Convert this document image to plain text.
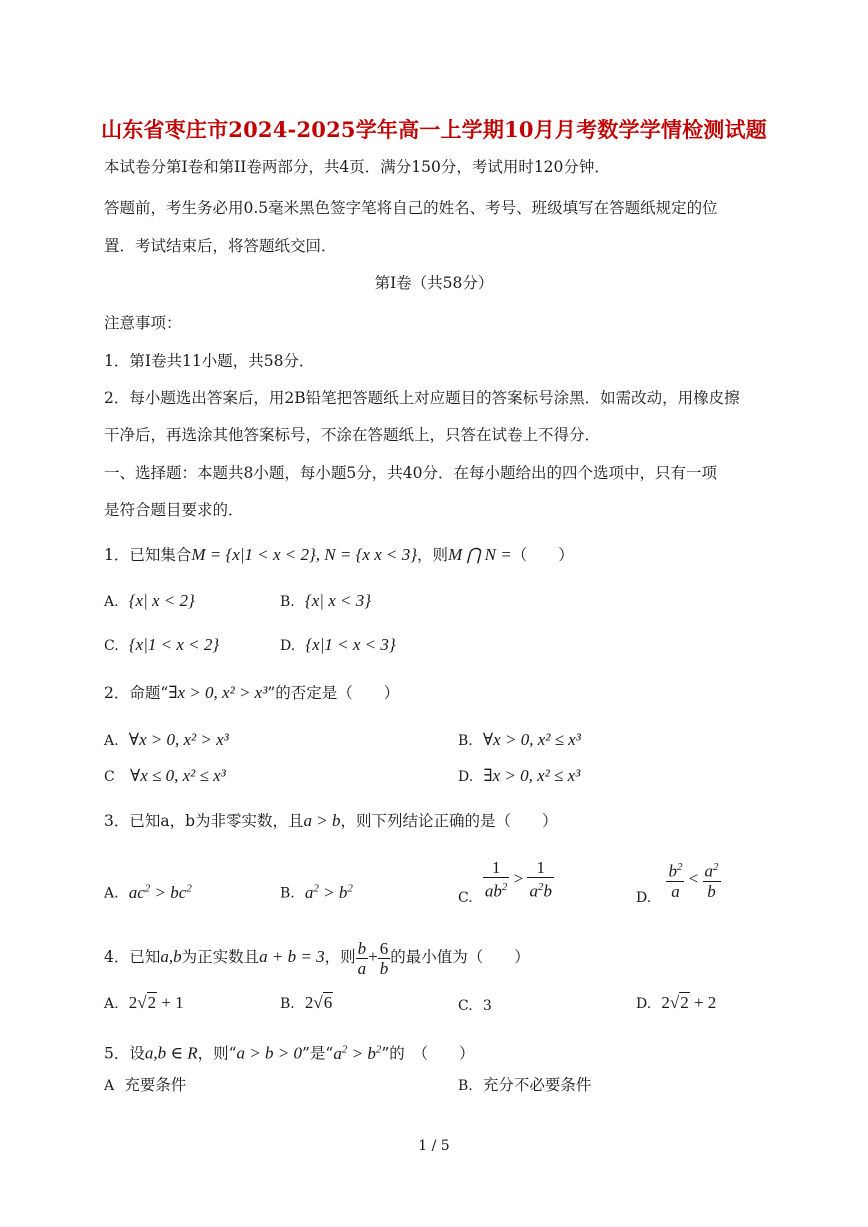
山东省枣庄市2024-2025学年高一上学期10月月考数学学情检测试题
本试卷分第Ⅰ卷和第II卷两部分，共4页．满分150分，考试用时120分钟．
答题前，考生务必用0.5毫米黑色签字笔将自己的姓名、考号、班级填写在答题纸规定的位
置．考试结束后，将答题纸交回．
第Ⅰ卷（共58分）
注意事项：
1．第Ⅰ卷共11小题，共58分．
2．每小题选出答案后，用2B铅笔把答题纸上对应题目的答案标号涂黑．如需改动，用橡皮擦
干净后，再选涂其他答案标号，不涂在答题纸上，只答在试卷上不得分．
一、选择题：本题共8小题，每小题5分，共40分．在每小题给出的四个选项中，只有一项
是符合题目要求的．
1．已知集合M = {x|1 < x < 2}, N = {x x < 3}，则M ⋂ N =（　　）
A. {x| x < 2}	B. {x| x < 3}
C. {x|1 < x < 2}	D. {x|1 < x < 3}
2．命题“∃x > 0, x² > x³”的否定是（　　）
A. ∀x > 0, x² > x³	B. ∀x > 0, x² ≤ x³
C ∀x ≤ 0, x² ≤ x³	D. ∃x > 0, x² ≤ x³
3．已知a，b为非零实数，且a > b，则下列结论正确的是（　　）
A. $ac^2 > bc^2$	B. $a^2 > b^2$
C. $\frac{1}{ab^2} > \frac{1}{a^2b}$	D. $\frac{b^2}{a} < \frac{a^2}{b}$
4．已知a,b为正实数且a + b = 3，则 $\frac{b}{a} + \frac{6}{b}$ 的最小值为（　　）
A. 2√2 + 1	B. 2√6	C. 3	D. 2√2 + 2
5．设a,b ∈ R，则“a > b > 0”是“$a^2 > b^2$”的　（　　）
A 充要条件	B. 充分不必要条件
1 / 5
